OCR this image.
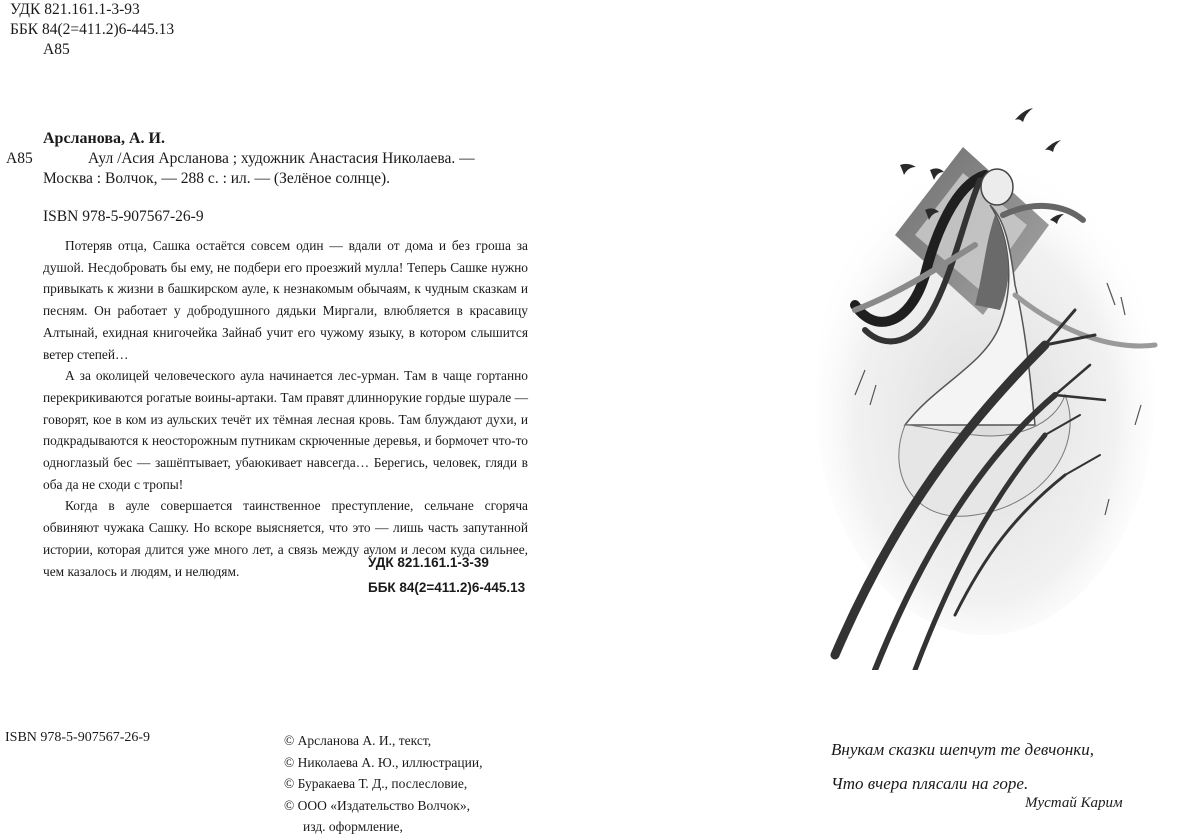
УДК 821.161.1-3-93
ББК 84(2=411.2)6-445.13
А85
Арсланова, А. И.
А85	Аул /Асия Арсланова ; художник Анастасия Николаева. —
Москва : Волчок, — 288 с. : ил. — (Зелёное солнце).
ISBN 978-5-907567-26-9

Потеряв отца, Сашка остаётся совсем один — вдали от дома и без гроша за душой. Несдобровать бы ему, не подбери его проезжий мулла! Теперь Сашке нужно привыкать к жизни в башкирском ауле, к незнакомым обычаям, к чудным сказкам и песням. Он работает у добродушного дядьки Миргали, влюбляется в красавицу Алтынай, ехидная книгочейка Зайнаб учит его чужому языку, в котором слышится ветер степей…

А за околицей человеческого аула начинается лес-урман. Там в чаще гортанно перекрикиваются рогатые воины-артаки. Там правят длиннорукие гордые шурале — говорят, кое в ком из аульских течёт их тёмная лесная кровь. Там блуждают духи, и подкрадываются к неосторожным путникам скрюченные деревья, и бормочет что-то одноглазый бес — зашёптывает, убаюкивает навсегда… Берегись, человек, гляди в оба да не сходи с тропы!

Когда в ауле совершается таинственное преступление, сельчане сгоряча обвиняют чужака Сашку. Но вскоре выясняется, что это — лишь часть запутанной истории, которая длится уже много лет, а связь между аулом и лесом куда сильнее, чем казалось и людям, и нелюдям.

УДК 821.161.1-3-39
ББК 84(2=411.2)6-445.13
ISBN 978-5-907567-26-9	© Арсланова А. И., текст,
© Николаева А. Ю., иллюстрации,
© Буракаева Т. Д., послесловие,
© ООО «Издательство Волчок»,
изд. оформление,
Внукам сказки шепчут те девчонки,
Что вчера плясали на горе.
Мустай Карим
